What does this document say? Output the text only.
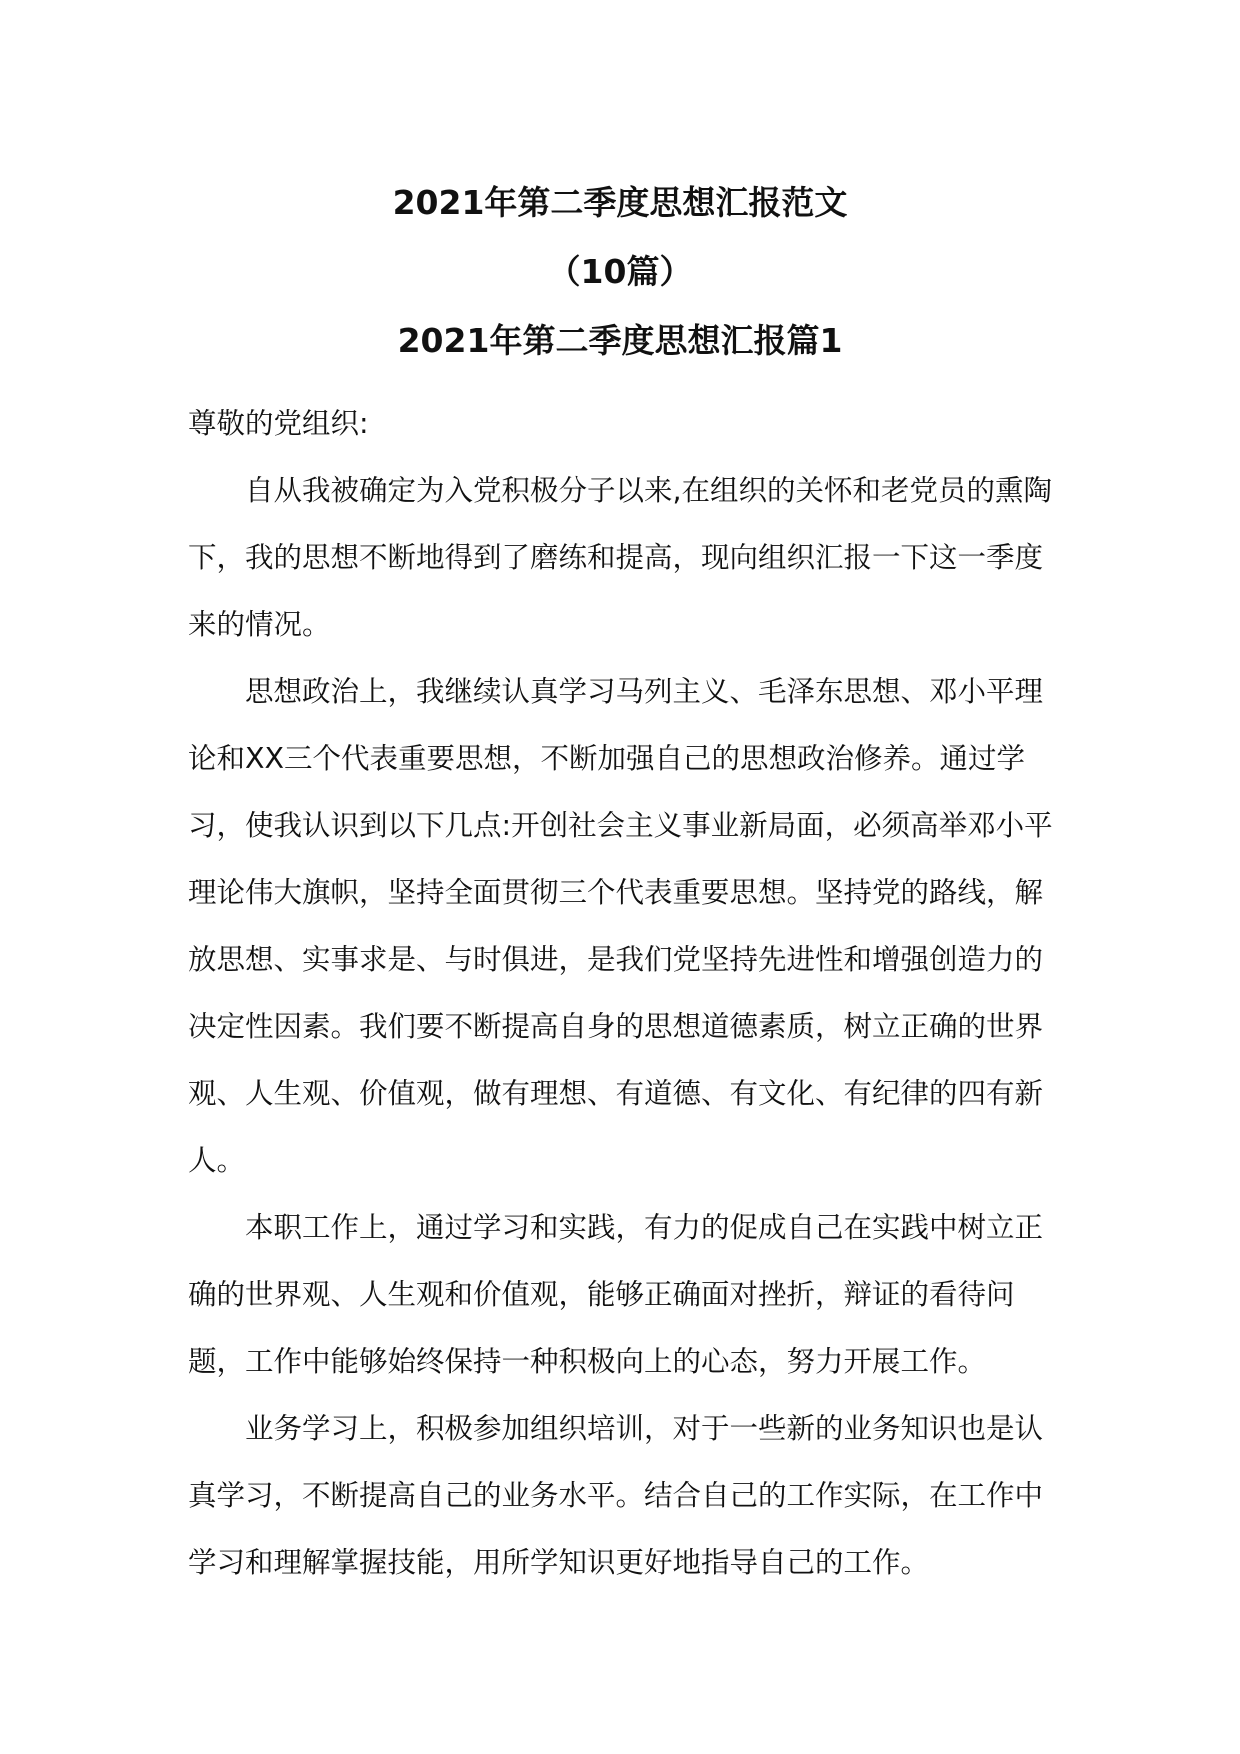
2021年第二季度思想汇报范文
（10篇）
2021年第二季度思想汇报篇1

尊敬的党组织:

自从我被确定为入党积极分子以来,在组织的关怀和老党员的熏陶下，我的思想不断地得到了磨练和提高，现向组织汇报一下这一季度来的情况。

思想政治上，我继续认真学习马列主义、毛泽东思想、邓小平理论和XX三个代表重要思想，不断加强自己的思想政治修养。通过学习，使我认识到以下几点:开创社会主义事业新局面，必须高举邓小平理论伟大旗帜，坚持全面贯彻三个代表重要思想。坚持党的路线，解放思想、实事求是、与时俱进，是我们党坚持先进性和增强创造力的决定性因素。我们要不断提高自身的思想道德素质，树立正确的世界观、人生观、价值观，做有理想、有道德、有文化、有纪律的四有新人。

本职工作上，通过学习和实践，有力的促成自己在实践中树立正确的世界观、人生观和价值观，能够正确面对挫折，辩证的看待问题，工作中能够始终保持一种积极向上的心态，努力开展工作。

业务学习上，积极参加组织培训，对于一些新的业务知识也是认真学习，不断提高自己的业务水平。结合自己的工作实际，在工作中学习和理解掌握技能，用所学知识更好地指导自己的工作。
